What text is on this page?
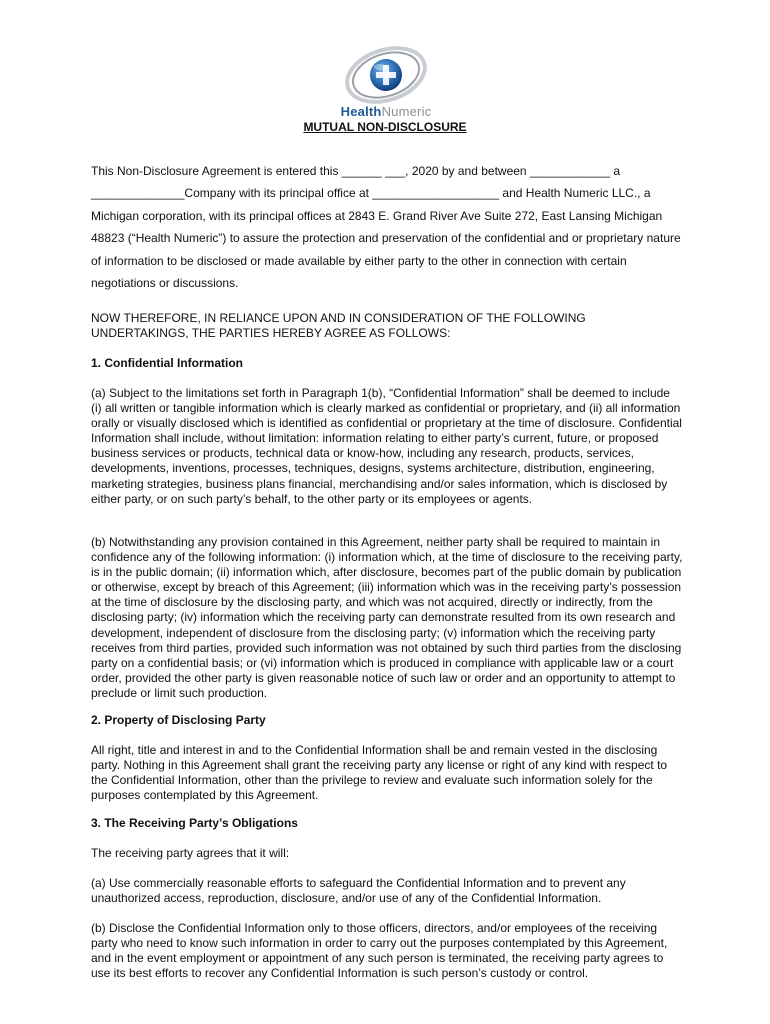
HealthNumeric
MUTUAL NON-DISCLOSURE

This Non-Disclosure Agreement is entered this ______ ___, 2020 by and between ____________ a ______________Company with its principal office at ___________________ and Health Numeric LLC., a Michigan corporation, with its principal offices at 2843 E. Grand River Ave Suite 272, East Lansing Michigan 48823 (“Health Numeric”) to assure the protection and preservation of the confidential and or proprietary nature of information to be disclosed or made available by either party to the other in connection with certain negotiations or discussions.

NOW THEREFORE, IN RELIANCE UPON AND IN CONSIDERATION OF THE FOLLOWING UNDERTAKINGS, THE PARTIES HEREBY AGREE AS FOLLOWS:

1. Confidential Information

(a) Subject to the limitations set forth in Paragraph 1(b), “Confidential Information” shall be deemed to include (i) all written or tangible information which is clearly marked as confidential or proprietary, and (ii) all information orally or visually disclosed which is identified as confidential or proprietary at the time of disclosure. Confidential Information shall include, without limitation: information relating to either party’s current, future, or proposed business services or products, technical data or know-how, including any research, products, services, developments, inventions, processes, techniques, designs, systems architecture, distribution, engineering, marketing strategies, business plans financial, merchandising and/or sales information, which is disclosed by either party, or on such party’s behalf, to the other party or its employees or agents.

(b) Notwithstanding any provision contained in this Agreement, neither party shall be required to maintain in confidence any of the following information: (i) information which, at the time of disclosure to the receiving party, is in the public domain; (ii) information which, after disclosure, becomes part of the public domain by publication or otherwise, except by breach of this Agreement; (iii) information which was in the receiving party’s possession at the time of disclosure by the disclosing party, and which was not acquired, directly or indirectly, from the disclosing party; (iv) information which the receiving party can demonstrate resulted from its own research and development, independent of disclosure from the disclosing party; (v) information which the receiving party receives from third parties, provided such information was not obtained by such third parties from the disclosing party on a confidential basis; or (vi) information which is produced in compliance with applicable law or a court order, provided the other party is given reasonable notice of such law or order and an opportunity to attempt to preclude or limit such production.

2. Property of Disclosing Party

All right, title and interest in and to the Confidential Information shall be and remain vested in the disclosing party. Nothing in this Agreement shall grant the receiving party any license or right of any kind with respect to the Confidential Information, other than the privilege to review and evaluate such information solely for the purposes contemplated by this Agreement.

3. The Receiving Party’s Obligations

The receiving party agrees that it will:

(a) Use commercially reasonable efforts to safeguard the Confidential Information and to prevent any unauthorized access, reproduction, disclosure, and/or use of any of the Confidential Information.

(b) Disclose the Confidential Information only to those officers, directors, and/or employees of the receiving party who need to know such information in order to carry out the purposes contemplated by this Agreement, and in the event employment or appointment of any such person is terminated, the receiving party agrees to use its best efforts to recover any Confidential Information is such person’s custody or control.
